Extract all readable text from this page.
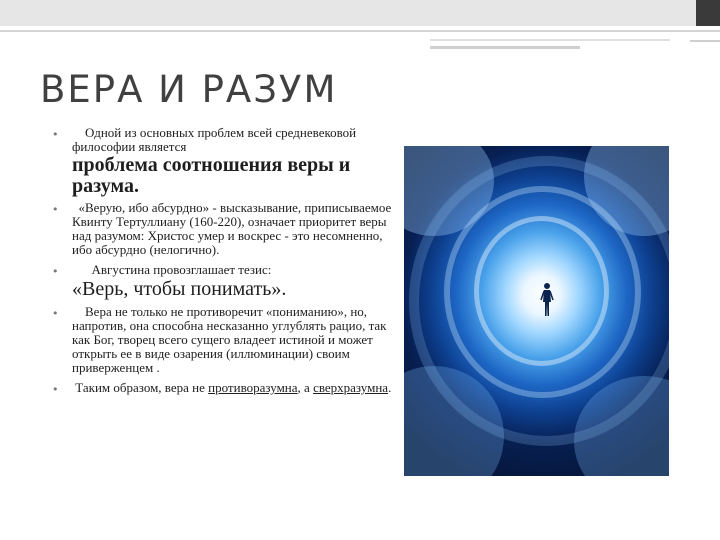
ВЕРА И РАЗУМ
• Одной из основных проблем всей средневековой философии является
проблема соотношения веры и разума.
• «Верую, ибо абсурдно» - высказывание, приписываемое Квинту Тертуллиану (160-220), означает приоритет веры над разумом: Христос умер и воскрес - это несомненно, ибо абсурдно (нелогично).
• Августина провозглашает тезис:
«Верь, чтобы понимать».
• Вера не только не противоречит «пониманию», но, напротив, она способна несказанно углублять рацио, так как Бог, творец всего сущего владеет истиной и может открыть ее в виде озарения (иллюминации) своим приверженцем .
• Таким образом, вера не противоразумна, а сверхразумна.
